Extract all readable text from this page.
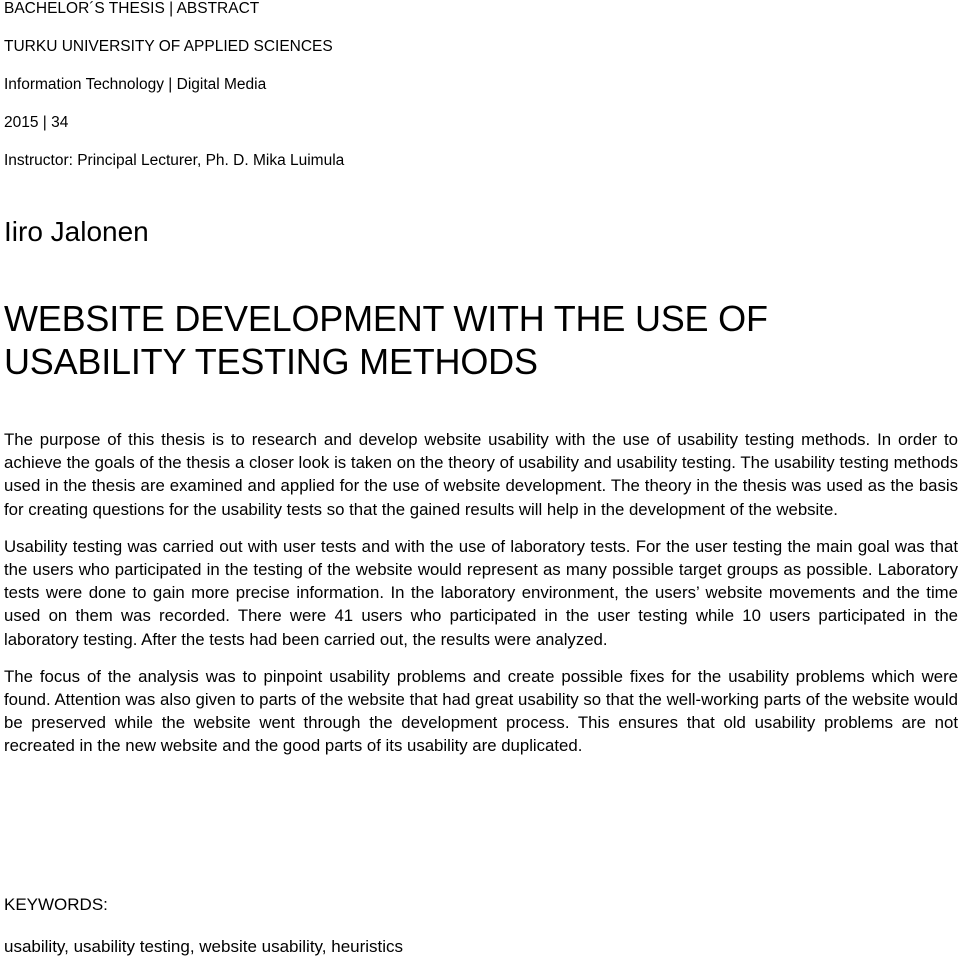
BACHELOR´S THESIS | ABSTRACT
TURKU UNIVERSITY OF APPLIED SCIENCES
Information Technology | Digital Media
2015 | 34
Instructor: Principal Lecturer, Ph. D. Mika Luimula
Iiro Jalonen
WEBSITE DEVELOPMENT WITH THE USE OF
USABILITY TESTING METHODS

The purpose of this thesis is to research and develop website usability with the use of usability testing methods. In order to achieve the goals of the thesis a closer look is taken on the theory of usability and usability testing. The usability testing methods used in the thesis are examined and applied for the use of website development. The theory in the thesis was used as the basis for creating questions for the usability tests so that the gained results will help in the development of the website.

Usability testing was carried out with user tests and with the use of laboratory tests. For the user testing the main goal was that the users who participated in the testing of the website would represent as many possible target groups as possible. Laboratory tests were done to gain more precise information. In the laboratory environment, the users’ website movements and the time used on them was recorded. There were 41 users who participated in the user testing while 10 users participated in the laboratory testing. After the tests had been carried out, the results were analyzed.

The focus of the analysis was to pinpoint usability problems and create possible fixes for the usability problems which were found. Attention was also given to parts of the website that had great usability so that the well-working parts of the website would be preserved while the website went through the development process. This ensures that old usability problems are not recreated in the new website and the good parts of its usability are duplicated.

KEYWORDS:
usability, usability testing, website usability, heuristics
